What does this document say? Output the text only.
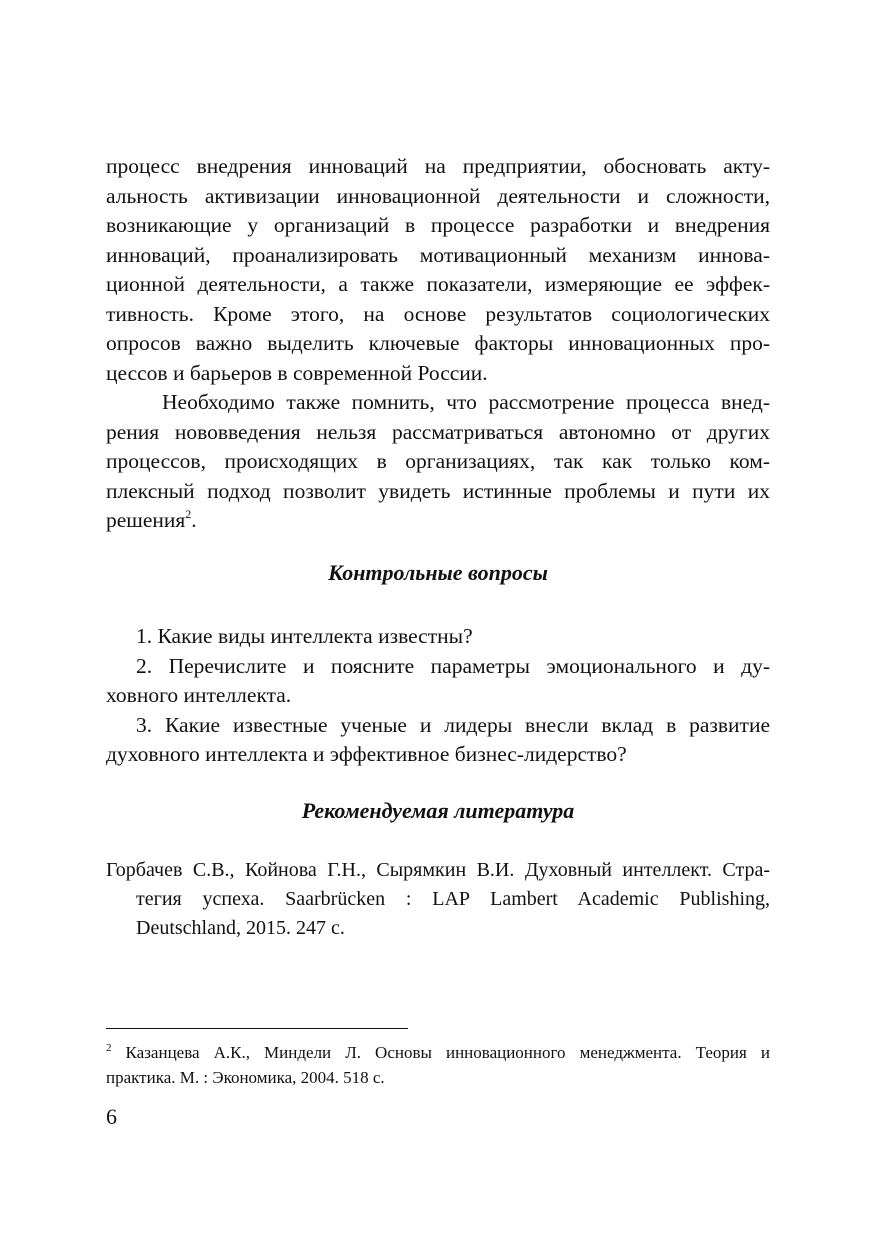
процесс внедрения инноваций на предприятии, обосновать акту-
альность активизации инновационной деятельности и сложности,
возникающие у организаций в процессе разработки и внедрения
инноваций, проанализировать мотивационный механизм иннова-
ционной деятельности, а также показатели, измеряющие ее эффек-
тивность. Кроме этого, на основе результатов социологических
опросов важно выделить ключевые факторы инновационных про-
цессов и барьеров в современной России.
Необходимо также помнить, что рассмотрение процесса внед-
рения нововведения нельзя рассматриваться автономно от других
процессов, происходящих в организациях, так как только ком-
плексный подход позволит увидеть истинные проблемы и пути их
решения$^2$.
Контрольные вопросы
1. Какие виды интеллекта известны?
2. Перечислите и поясните параметры эмоционального и ду-
ховного интеллекта.
3. Какие известные ученые и лидеры внесли вклад в развитие
духовного интеллекта и эффективное бизнес-лидерство?
Рекомендуемая литература
Горбачев С.В., Койнова Г.Н., Сырямкин В.И. Духовный интеллект. Стра-
тегия успеха. Saarbrücken : LAP Lambert Academic Publishing,
Deutschland, 2015. 247 с.
$^2$ Казанцева А.К., Миндели Л. Основы инновационного менеджмента. Теория и
практика. М. : Экономика, 2004. 518 с.
6
